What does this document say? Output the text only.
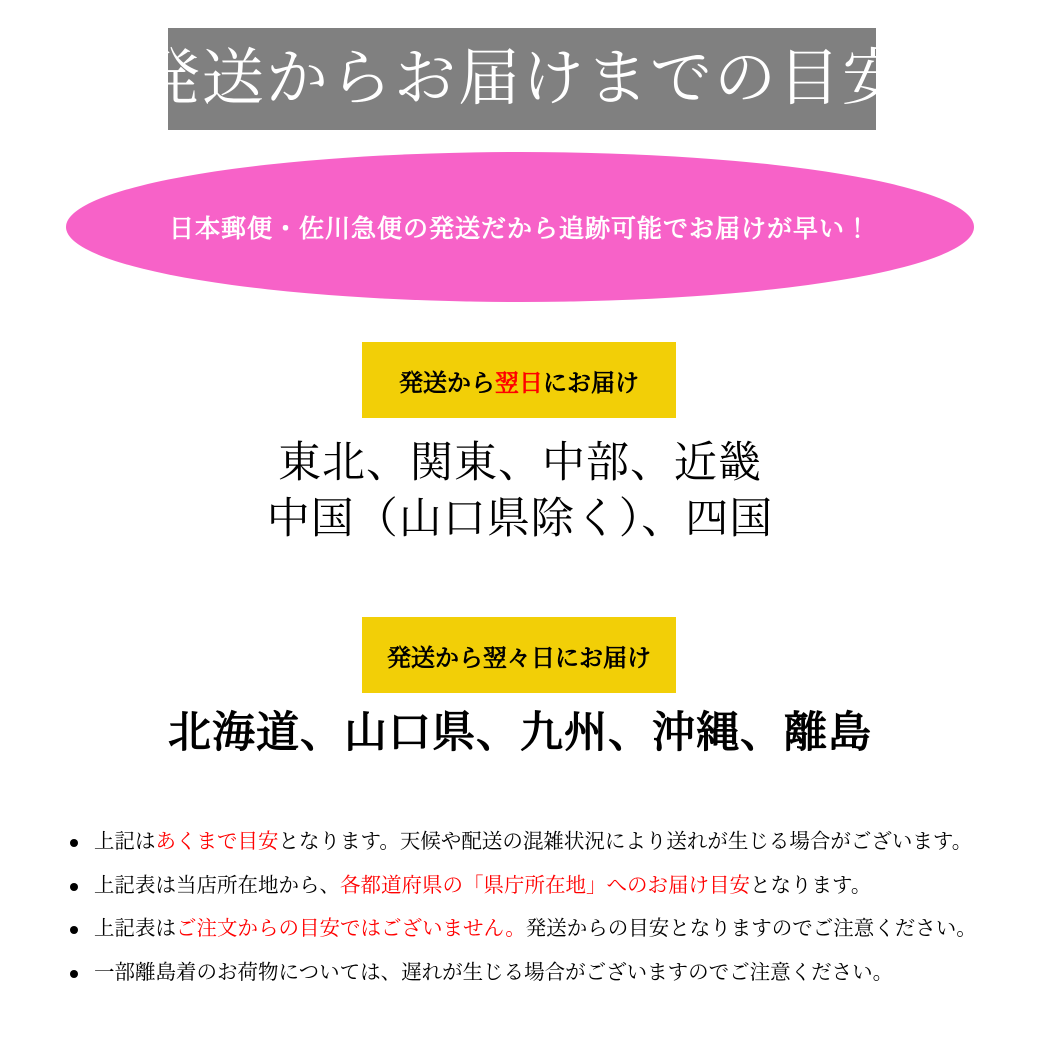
発送からお届けまでの目安
日本郵便・佐川急便の発送だから追跡可能でお届けが早い！
発送から 翌日 にお届け
東北、関東、中部、近畿
中国（山口県除く）、四国
発送から翌々日にお届け
北海道、山口県、九州、沖縄、離島
上記はあくまで目安となります。天候や配送の混雑状況により送れが生じる場合がございます。
上記表は当店所在地から、各都道府県の「県庁所在地」へのお届け目安となります。
上記表はご注文からの目安ではございません。発送からの目安となりますのでご注意ください。
一部離島着のお荷物については、遅れが生じる場合がございますのでご注意ください。
